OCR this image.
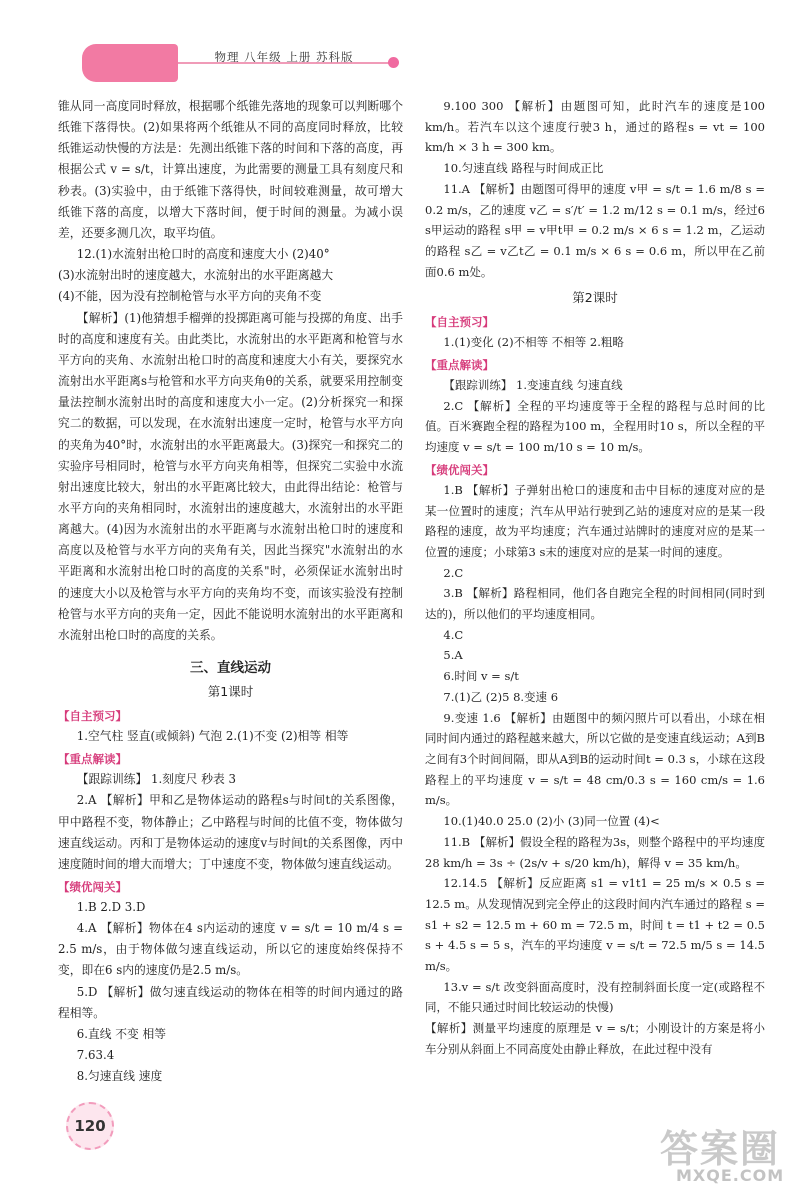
物理 八年级 上册 苏科版

锥从同一高度同时释放，根据哪个纸锥先落地的现象可以判断哪个纸锥下落得快。(2)如果将两个纸锥从不同的高度同时释放，比较纸锥运动快慢的方法是：先测出纸锥下落的时间和下落的高度，再根据公式 v = s/t，计算出速度，为此需要的测量工具有刻度尺和秒表。(3)实验中，由于纸锥下落得快，时间较难测量，故可增大纸锥下落的高度，以增大下落时间，便于时间的测量。为减小误差，还要多测几次，取平均值。

12.(1)水流射出枪口时的高度和速度大小 (2)40°

(3)水流射出时的速度越大，水流射出的水平距离越大

(4)不能，因为没有控制枪管与水平方向的夹角不变

【解析】(1)他猜想手榴弹的投掷距离可能与投掷的角度、出手时的高度和速度有关。由此类比，水流射出的水平距离和枪管与水平方向的夹角、水流射出枪口时的高度和速度大小有关，要探究水流射出水平距离s与枪管和水平方向夹角θ的关系，就要采用控制变量法控制水流射出时的高度和速度大小一定。(2)分析探究一和探究二的数据，可以发现，在水流射出速度一定时，枪管与水平方向的夹角为40°时，水流射出的水平距离最大。(3)探究一和探究二的实验序号相同时，枪管与水平方向夹角相等，但探究二实验中水流射出速度比较大，射出的水平距离比较大，由此得出结论：枪管与水平方向的夹角相同时，水流射出的速度越大，水流射出的水平距离越大。(4)因为水流射出的水平距离与水流射出枪口时的速度和高度以及枪管与水平方向的夹角有关，因此当探究"水流射出的水平距离和水流射出枪口时的高度的关系"时，必须保证水流射出时的速度大小以及枪管与水平方向的夹角均不变，而该实验没有控制枪管与水平方向的夹角一定，因此不能说明水流射出的水平距离和水流射出枪口时的高度的关系。

三、直线运动
第1课时
【自主预习】

1.空气柱 竖直(或倾斜) 气泡 2.(1)不变 (2)相等 相等

【重点解读】

【跟踪训练】 1.刻度尺 秒表 3

2.A 【解析】甲和乙是物体运动的路程s与时间t的关系图像，甲中路程不变，物体静止；乙中路程与时间的比值不变，物体做匀速直线运动。丙和丁是物体运动的速度v与时间t的关系图像，丙中速度随时间的增大而增大；丁中速度不变，物体做匀速直线运动。

【绩优闯关】

1.B 2.D 3.D

4.A 【解析】物体在4 s内运动的速度 v = s/t = 10 m/4 s = 2.5 m/s，由于物体做匀速直线运动，所以它的速度始终保持不变，即在6 s内的速度仍是2.5 m/s。

5.D 【解析】做匀速直线运动的物体在相等的时间内通过的路程相等。

6.直线 不变 相等

7.63.4

8.匀速直线 速度

9.100 300 【解析】由题图可知，此时汽车的速度是100 km/h。若汽车以这个速度行驶3 h，通过的路程s = vt = 100 km/h × 3 h = 300 km。

10.匀速直线 路程与时间成正比

11.A 【解析】由题图可得甲的速度 v甲 = s/t = 1.6 m/8 s = 0.2 m/s，乙的速度 v乙 = s′/t′ = 1.2 m/12 s = 0.1 m/s，经过6 s甲运动的路程 s甲 = v甲t甲 = 0.2 m/s × 6 s = 1.2 m，乙运动的路程 s乙 = v乙t乙 = 0.1 m/s × 6 s = 0.6 m，所以甲在乙前面0.6 m处。

第2课时
【自主预习】

1.(1)变化 (2)不相等 不相等 2.粗略

【重点解读】

【跟踪训练】 1.变速直线 匀速直线

2.C 【解析】全程的平均速度等于全程的路程与总时间的比值。百米赛跑全程的路程为100 m，全程用时10 s，所以全程的平均速度 v = s/t = 100 m/10 s = 10 m/s。

【绩优闯关】

1.B 【解析】子弹射出枪口的速度和击中目标的速度对应的是某一位置时的速度；汽车从甲站行驶到乙站的速度对应的是某一段路程的速度，故为平均速度；汽车通过站牌时的速度对应的是某一位置的速度；小球第3 s末的速度对应的是某一时间的速度。

2.C

3.B 【解析】路程相同，他们各自跑完全程的时间相同(同时到达的)，所以他们的平均速度相同。

4.C

5.A

6.时间 v = s/t

7.(1)乙 (2)5 8.变速 6

9.变速 1.6 【解析】由题图中的频闪照片可以看出，小球在相同时间内通过的路程越来越大，所以它做的是变速直线运动；A到B之间有3个时间间隔，即从A到B的运动时间t = 0.3 s，小球在这段路程上的平均速度 v = s/t = 48 cm/0.3 s = 160 cm/s = 1.6 m/s。

10.(1)40.0 25.0 (2)小 (3)同一位置 (4)<

11.B 【解析】假设全程的路程为3s，则整个路程中的平均速度 28 km/h = 3s ÷ (2s/v + s/20 km/h)，解得 v = 35 km/h。

12.14.5 【解析】反应距离 s1 = v1t1 = 25 m/s × 0.5 s = 12.5 m。从发现情况到完全停止的这段时间内汽车通过的路程 s = s1 + s2 = 12.5 m + 60 m = 72.5 m，时间 t = t1 + t2 = 0.5 s + 4.5 s = 5 s，汽车的平均速度 v = s/t = 72.5 m/5 s = 14.5 m/s。

13.v = s/t 改变斜面高度时，没有控制斜面长度一定(或路程不同，不能只通过时间比较运动的快慢)

【解析】测量平均速度的原理是 v = s/t；小刚设计的方案是将小车分别从斜面上不同高度处由静止释放，在此过程中没有

120
答案圈
MXQE.COM
